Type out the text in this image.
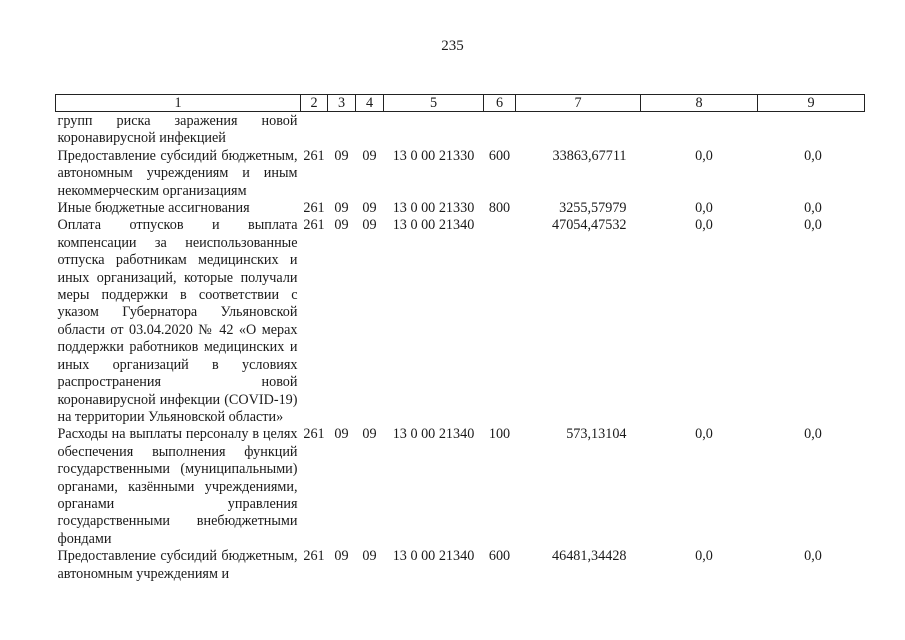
235
1	2	3	4	5	6	7	8	9

групп риска заражения новой коронавирусной инфекцией								

Предоставление субсидий бюджетным, автономным учреждениям и иным некоммерческим организациям	261	09	09	13 0 00 21330	600	33863,67711	0,0	0,0

Иные бюджетные ассигнования	261	09	09	13 0 00 21330	800	3255,57979	0,0	0,0

Оплата отпусков и выплата компенсации за неиспользованные отпуска работникам медицинских и иных организаций, которые получали меры поддержки в соответствии с указом Губернатора Ульяновской области от 03.04.2020 № 42 «О мерах поддержки работников медицинских и иных организаций в условиях распространения новой коронавирусной инфекции (COVID-19) на территории Ульяновской области»	261	09	09	13 0 00 21340		47054,47532	0,0	0,0

Расходы на выплаты персоналу в целях обеспечения выполнения функций государственными (муниципальными) органами, казёнными учреждениями, органами управления государственными внебюджетными фондами	261	09	09	13 0 00 21340	100	573,13104	0,0	0,0

Предоставление субсидий бюджетным, автономным учреждениям и	261	09	09	13 0 00 21340	600	46481,34428	0,0	0,0
